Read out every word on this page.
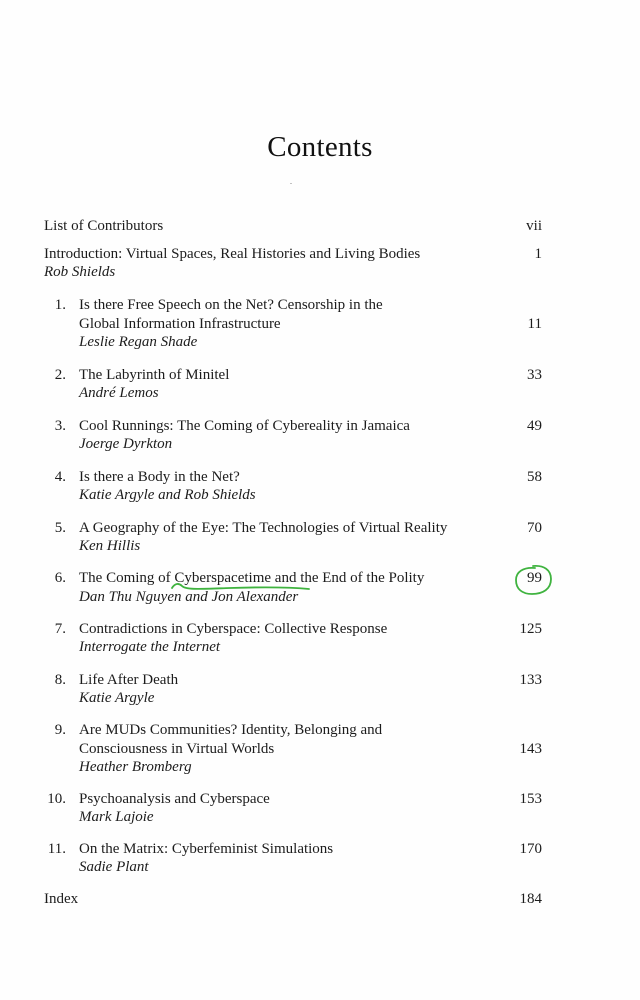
Contents
List of Contributors	vii
Introduction: Virtual Spaces, Real Histories and Living Bodies
Rob Shields
1
1. Is there Free Speech on the Net? Censorship in the
Global Information Infrastructure
Leslie Regan Shade
11
2. The Labyrinth of Minitel
André Lemos
33
3. Cool Runnings: The Coming of Cybereality in Jamaica
Joerge Dyrkton
49
4. Is there a Body in the Net?
Katie Argyle and Rob Shields
58
5. A Geography of the Eye: The Technologies of Virtual Reality
Ken Hillis
70
6. The Coming of Cyberspacetime and the End of the Polity
Dan Thu Nguyen and Jon Alexander
99
7. Contradictions in Cyberspace: Collective Response
Interrogate the Internet
125
8. Life After Death
Katie Argyle
133
9. Are MUDs Communities? Identity, Belonging and
Consciousness in Virtual Worlds
Heather Bromberg
143
10. Psychoanalysis and Cyberspace
Mark Lajoie
153
11. On the Matrix: Cyberfeminist Simulations
Sadie Plant
170
Index	184
